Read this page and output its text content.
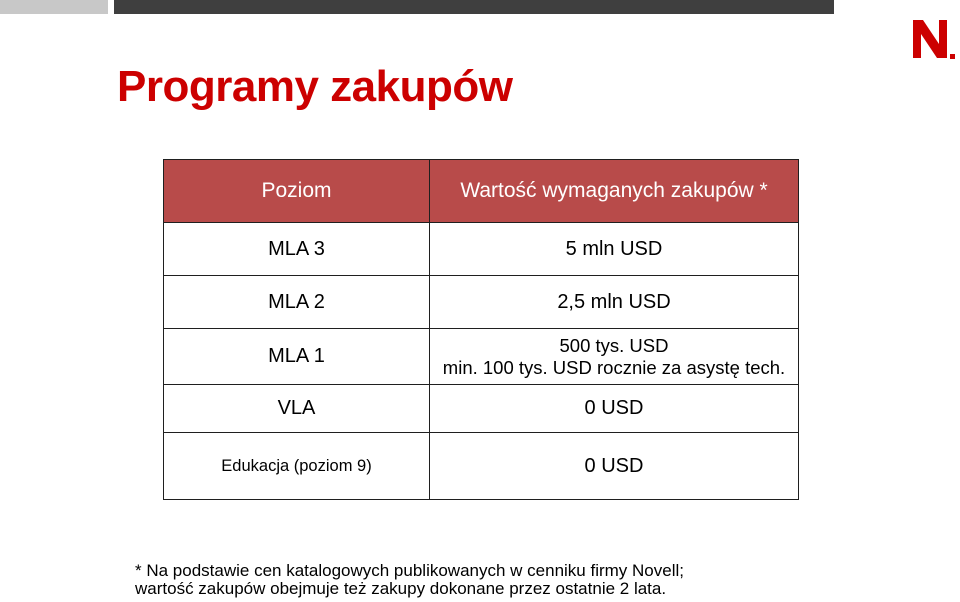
Programy zakupów
Poziom	Wartość wymaganych zakupów *
MLA 3	5 mln USD
MLA 2	2,5 mln USD
MLA 1	500 tys. USD
min. 100 tys. USD rocznie za asystę tech.

VLA	0 USD
Edukacja (poziom 9)	0 USD
* Na podstawie cen katalogowych publikowanych w cenniku firmy Novell;
wartość zakupów obejmuje też zakupy dokonane przez ostatnie 2 lata.
